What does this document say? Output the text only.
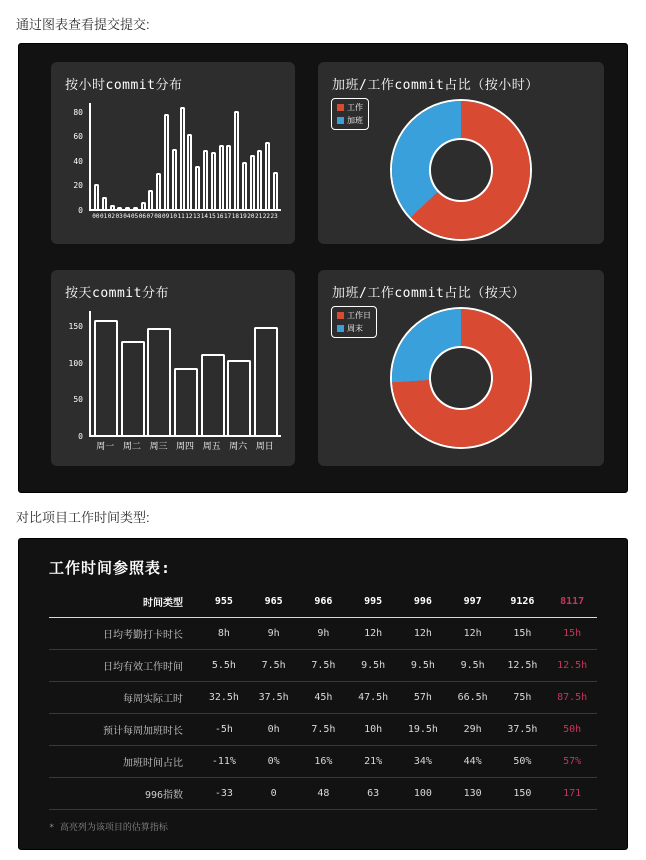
通过图表查看提交提交:

按小时commit分布
0
20
40
60
80
00 01 02 03 04 05 06 07 08 09 10 11 12 13 14 15 16 17 18 19 20 21 22 23
加班/工作commit占比（按小时）
工作
加班
按天commit分布
0
50
100
150
周一 周二 周三 周四 周五 周六 周日
加班/工作commit占比（按天）
工作日
周末

对比项目工作时间类型:

工作时间参照表:
时间类型	955	965	966	995	996	997	9126	8117
日均考勤打卡时长	8h	9h	9h	12h	12h	12h	15h	15h
日均有效工作时间	5.5h	7.5h	7.5h	9.5h	9.5h	9.5h	12.5h	12.5h
每周实际工时	32.5h	37.5h	45h	47.5h	57h	66.5h	75h	87.5h
预计每周加班时长	-5h	0h	7.5h	10h	19.5h	29h	37.5h	50h
加班时间占比	-11%	0%	16%	21%	34%	44%	50%	57%
996指数	-33	0	48	63	100	130	150	171

* 高亮列为该项目的估算指标
